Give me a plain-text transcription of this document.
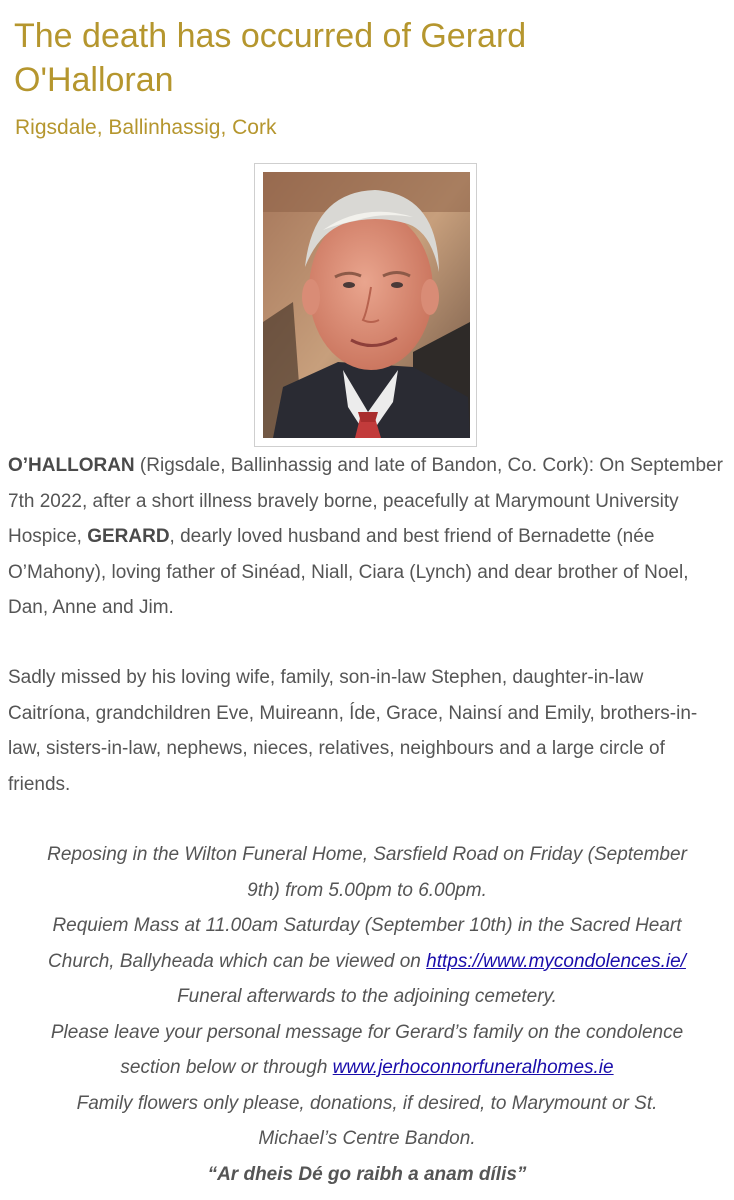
The death has occurred of Gerard
O'Halloran
Rigsdale, Ballinhassig, Cork

O’HALLORAN (Rigsdale, Ballinhassig and late of Bandon, Co. Cork): On September 7th 2022, after a short illness bravely borne, peacefully at Marymount University Hospice, GERARD, dearly loved husband and best friend of Bernadette (née O’Mahony), loving father of Sinéad, Niall, Ciara (Lynch) and dear brother of Noel, Dan, Anne and Jim.

Sadly missed by his loving wife, family, son-in-law Stephen, daughter-in-law Caitríona, grandchildren Eve, Muireann, Íde, Grace, Nainsí and Emily, brothers-in-law, sisters-in-law, nephews, nieces, relatives, neighbours and a large circle of friends.

Reposing in the Wilton Funeral Home, Sarsfield Road on Friday (September
9th) from 5.00pm to 6.00pm.
Requiem Mass at 11.00am Saturday (September 10th) in the Sacred Heart
Church, Ballyheada which can be viewed on https://www.mycondolences.ie/
Funeral afterwards to the adjoining cemetery.
Please leave your personal message for Gerard’s family on the condolence
section below or through www.jerhoconnorfuneralhomes.ie
Family flowers only please, donations, if desired, to Marymount or St.
Michael’s Centre Bandon.
“Ar dheis Dé go raibh a anam dílis”
